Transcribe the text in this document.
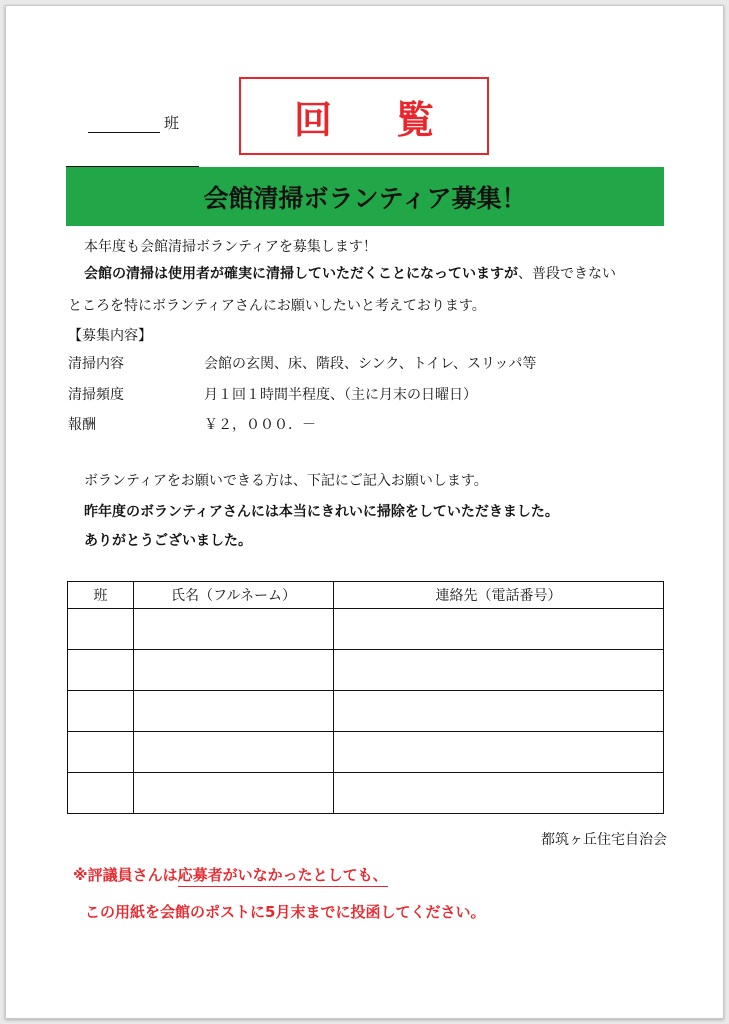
班	回覧
会館清掃ボランティア募集！
本年度も会館清掃ボランティアを募集します！
会館の清掃は使用者が確実に清掃していただくことになっていますが、普段できない
ところを特にボランティアさんにお願いしたいと考えております。
【募集内容】
清掃内容	会館の玄関、床、階段、シンク、トイレ、スリッパ等
清掃頻度	月１回１時間半程度、（主に月末の日曜日）
報酬	￥２，０００．－
ボランティアをお願いできる方は、下記にご記入お願いします。
昨年度のボランティアさんには本当にきれいに掃除をしていただきました。
ありがとうございました。
班	氏名（フルネーム）	連絡先（電話番号）

都筑ヶ丘住宅自治会
※評議員さんは応募者がいなかったとしても、
この用紙を会館のポストに5月末までに投函してください。
